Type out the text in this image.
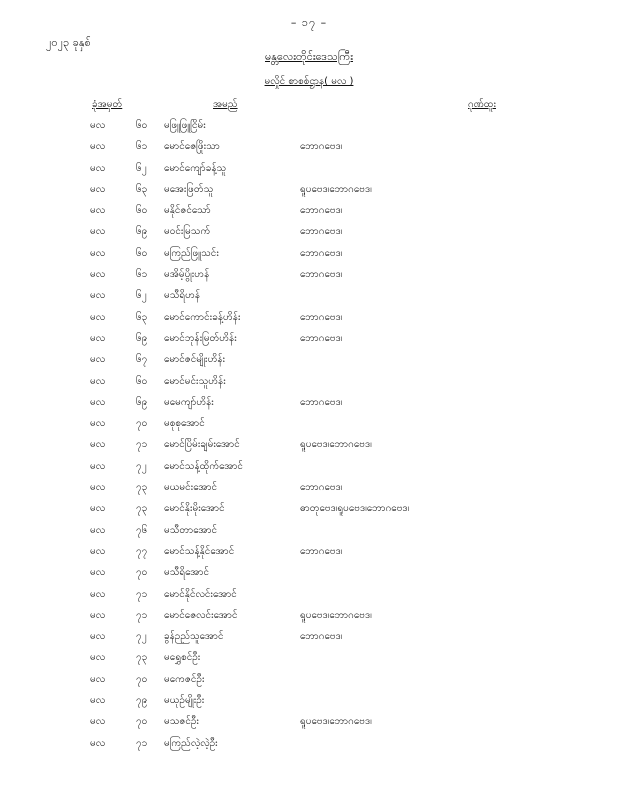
– ၁၇ –
၂၀၂၃ ခုနှစ်
မန္တလေးတိုင်းဒေသကြီး
မလှိုင် စာစစ်ဌာန( မလ )
ခုံအမှတ်	အမည်	ဂုဏ်ထူး
မလ	၆၀	မဖြူဖြူငြိမ်း
မလ	၆၁	မောင်ဇေဖြိုးသာ	ဘောဂဗေဒ၊
မလ	၆၂	မောင်ကျော်ခန့်သူ
မလ	၆၃	မအေးဖြတ်သူ	ရူပဗေဒ၊ဘောဂဗေဒ၊
မလ	၆၀	မနိုင်ဇင်သော်	ဘောဂဗေဒ၊
မလ	၆၉	မဝင်းမြသက်	ဘောဂဗေဒ၊
မလ	၆၀	မကြည်ဖြူသင်း	ဘောဂဗေဒ၊
မလ	၆၁	မအိမ့်ပွိုးဟန်	ဘောဂဗေဒ၊
မလ	၆၂	မသီရိဟန်
မလ	၆၃	မောင်ကောင်းခန့်ဟိန်း	ဘောဂဗေဒ၊
မလ	၆၉	မောင်ဘုန်းမြတ်ဟိန်း	ဘောဂဗေဒ၊
မလ	၆၇	မောင်ဇင်မျိုးဟိန်း
မလ	၆၀	မောင်မင်းသူဟိန်း
မလ	၆၉	မမေကျာ်ဟိန်း	ဘောဂဗေဒ၊
မလ	၇၀	မစုစုအောင်
မလ	၇၁	မောင်ပြိမ်းချမ်းအောင်	ရူပဗေဒ၊ဘောဂဗေဒ၊
မလ	၇၂	မောင်သန့်ထိုက်အောင်
မလ	၇၃	မယမင်းအောင်	ဘောဂဗေဒ၊
မလ	၇၃	မောင်နိုးမိုးအောင်	ဓာတုဗေဒ၊ရူပဗေဒ၊ဘောဂဗေဒ၊
မလ	၇၆	မသီတာအောင်
မလ	၇၇	မောင်သန့်နိုင်အောင်	ဘောဂဗေဒ၊
မလ	၇၀	မသီရိအောင်
မလ	၇၁	မောင်နိုင်လင်းအောင်
မလ	၇၁	မောင်ဇေလင်းအောင်	ရူပဗေဒ၊ဘောဂဗေဒ၊
မလ	၇၂	ခွန်ဉည်သူအောင်	ဘောဂဗေဒ၊
မလ	၇၃	မရွှေစင်ဦး
မလ	၇၀	မကေဇင်ဦး
မလ	၇၉	မယုဉ်မျိုးဦး
မလ	၇၀	မသဇင်ဦး	ရူပဗေဒ၊ဘောဂဗေဒ၊
မလ	၇၁	မကြည်လဲ့လဲ့ဦး
